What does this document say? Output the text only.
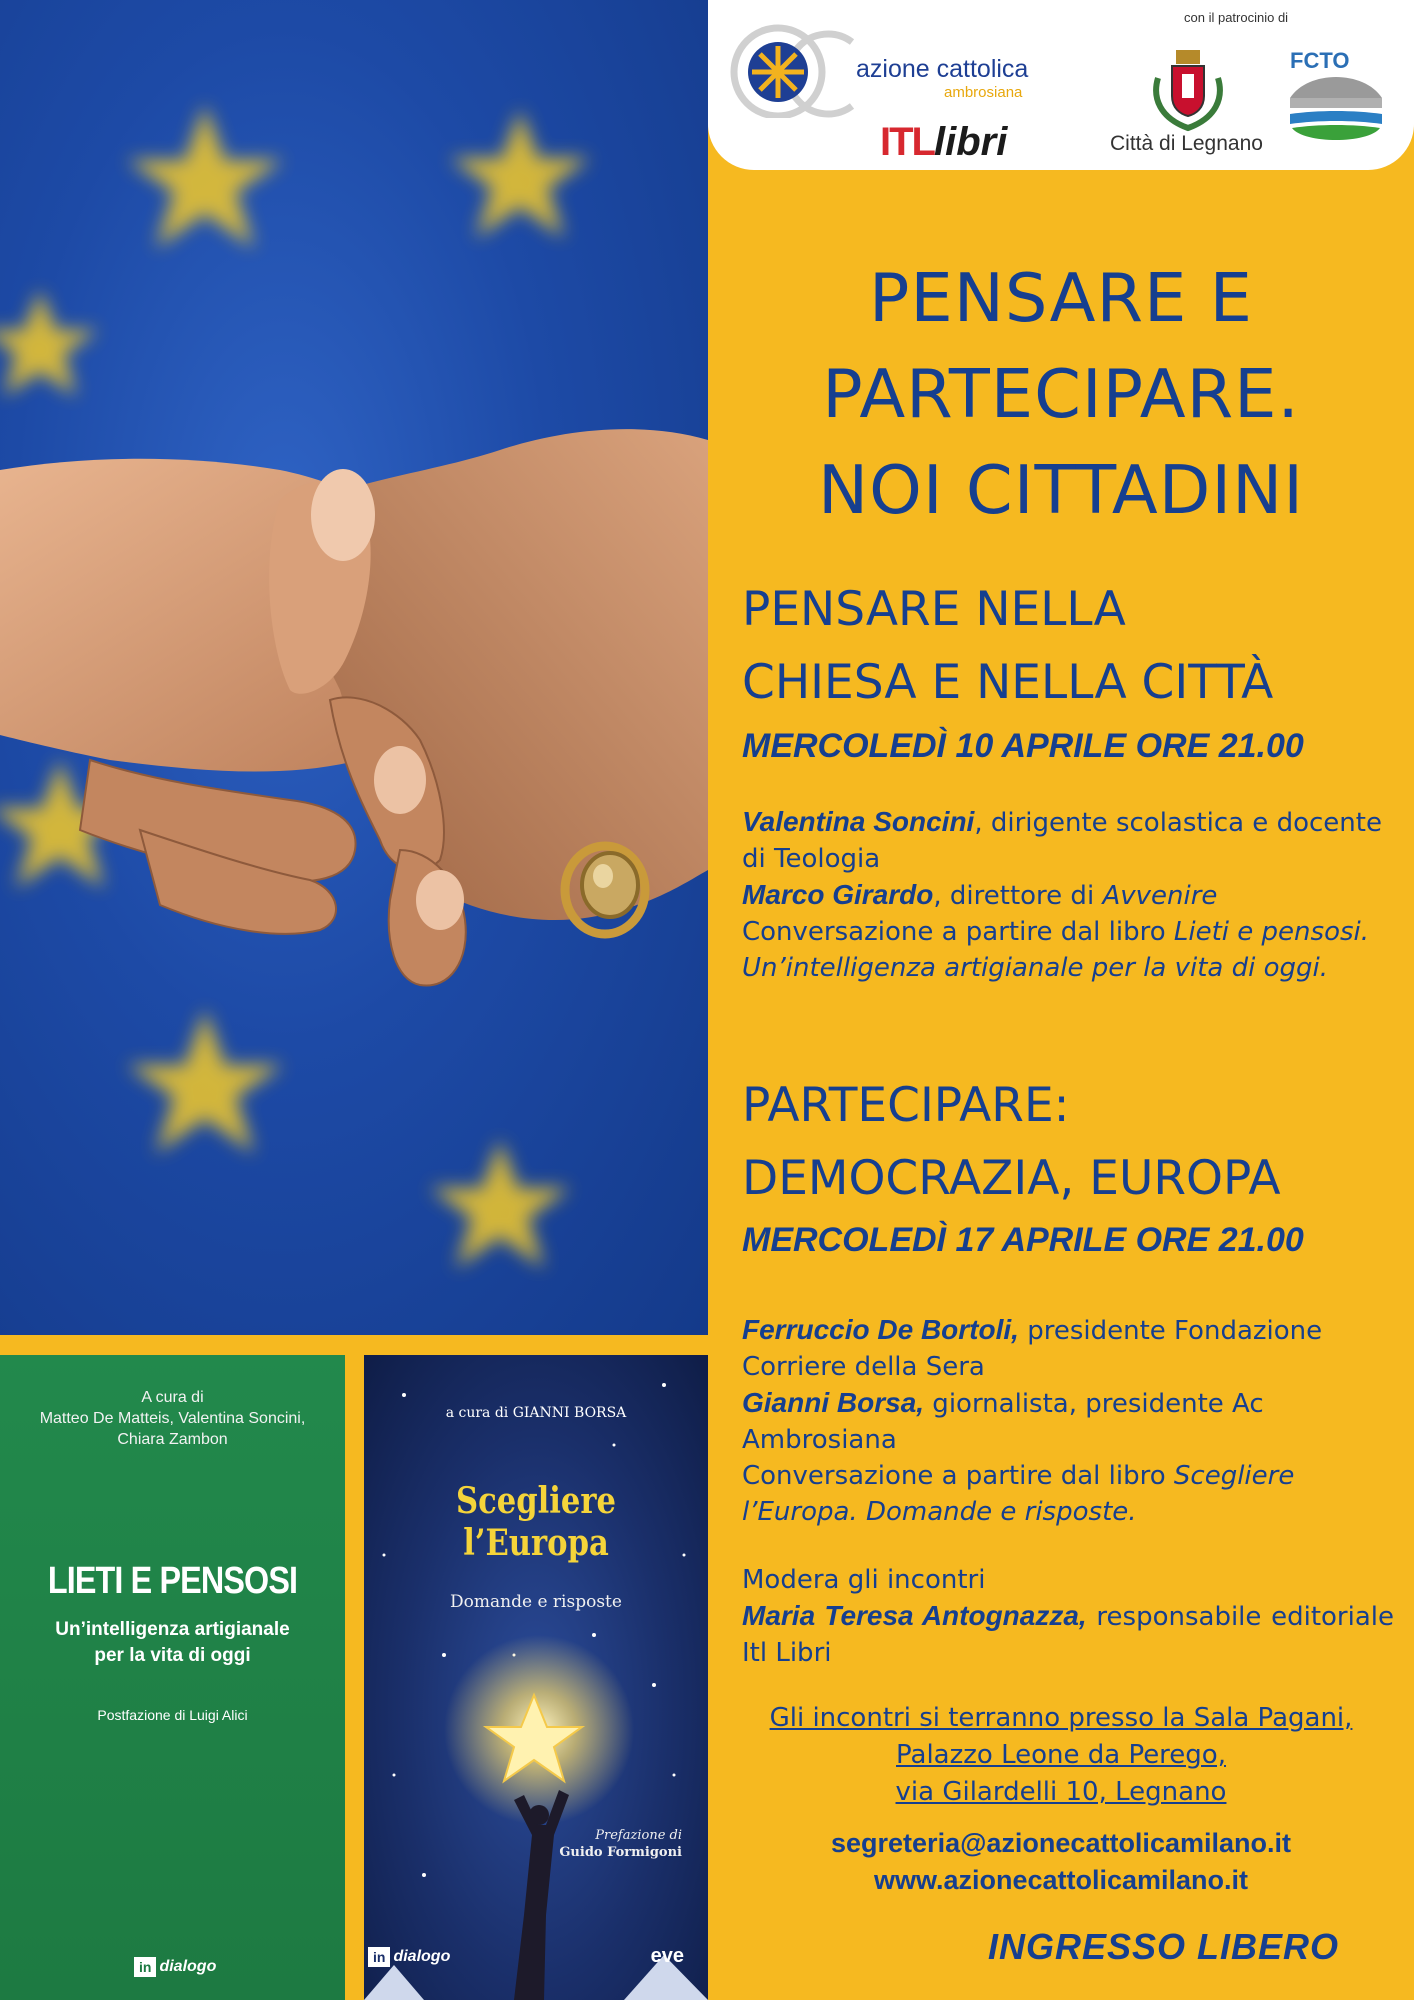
azione cattolica
ambrosiana
ITLlibri
con il patrocinio di
Città di Legnano
FCTO
PENSARE E
PARTECIPARE.
NOI CITTADINI
PENSARE NELLA
CHIESA E NELLA CITTÀ
MERCOLEDÌ 10 APRILE ORE 21.00
Valentina Soncini, dirigente scolastica e docente di Teologia
Marco Girardo, direttore di Avvenire
Conversazione a partire dal libro Lieti e pensosi. Un’intelligenza artigianale per la vita di oggi.
PARTECIPARE:
DEMOCRAZIA, EUROPA
MERCOLEDÌ 17 APRILE ORE 21.00
Ferruccio De Bortoli, presidente Fondazione Corriere della Sera
Gianni Borsa, giornalista, presidente Ac Ambrosiana
Conversazione a partire dal libro Scegliere l’Europa. Domande e risposte.
Modera gli incontri
Maria Teresa Antognazza, responsabile editoriale Itl Libri
Gli incontri si terranno presso la Sala Pagani,
Palazzo Leone da Perego,
via Gilardelli 10, Legnano
segreteria@azionecattolicamilano.it
www.azionecattolicamilano.it
INGRESSO LIBERO
A cura di
Matteo De Matteis, Valentina Soncini,
Chiara Zambon
LIETI E PENSOSI
Un’intelligenza artigianale
per la vita di oggi
Postfazione di Luigi Alici
in dialogo
a cura di GIANNI BORSA
Scegliere
l’Europa
Domande e risposte
Prefazione di
Guido Formigoni
in dialogo	eve
